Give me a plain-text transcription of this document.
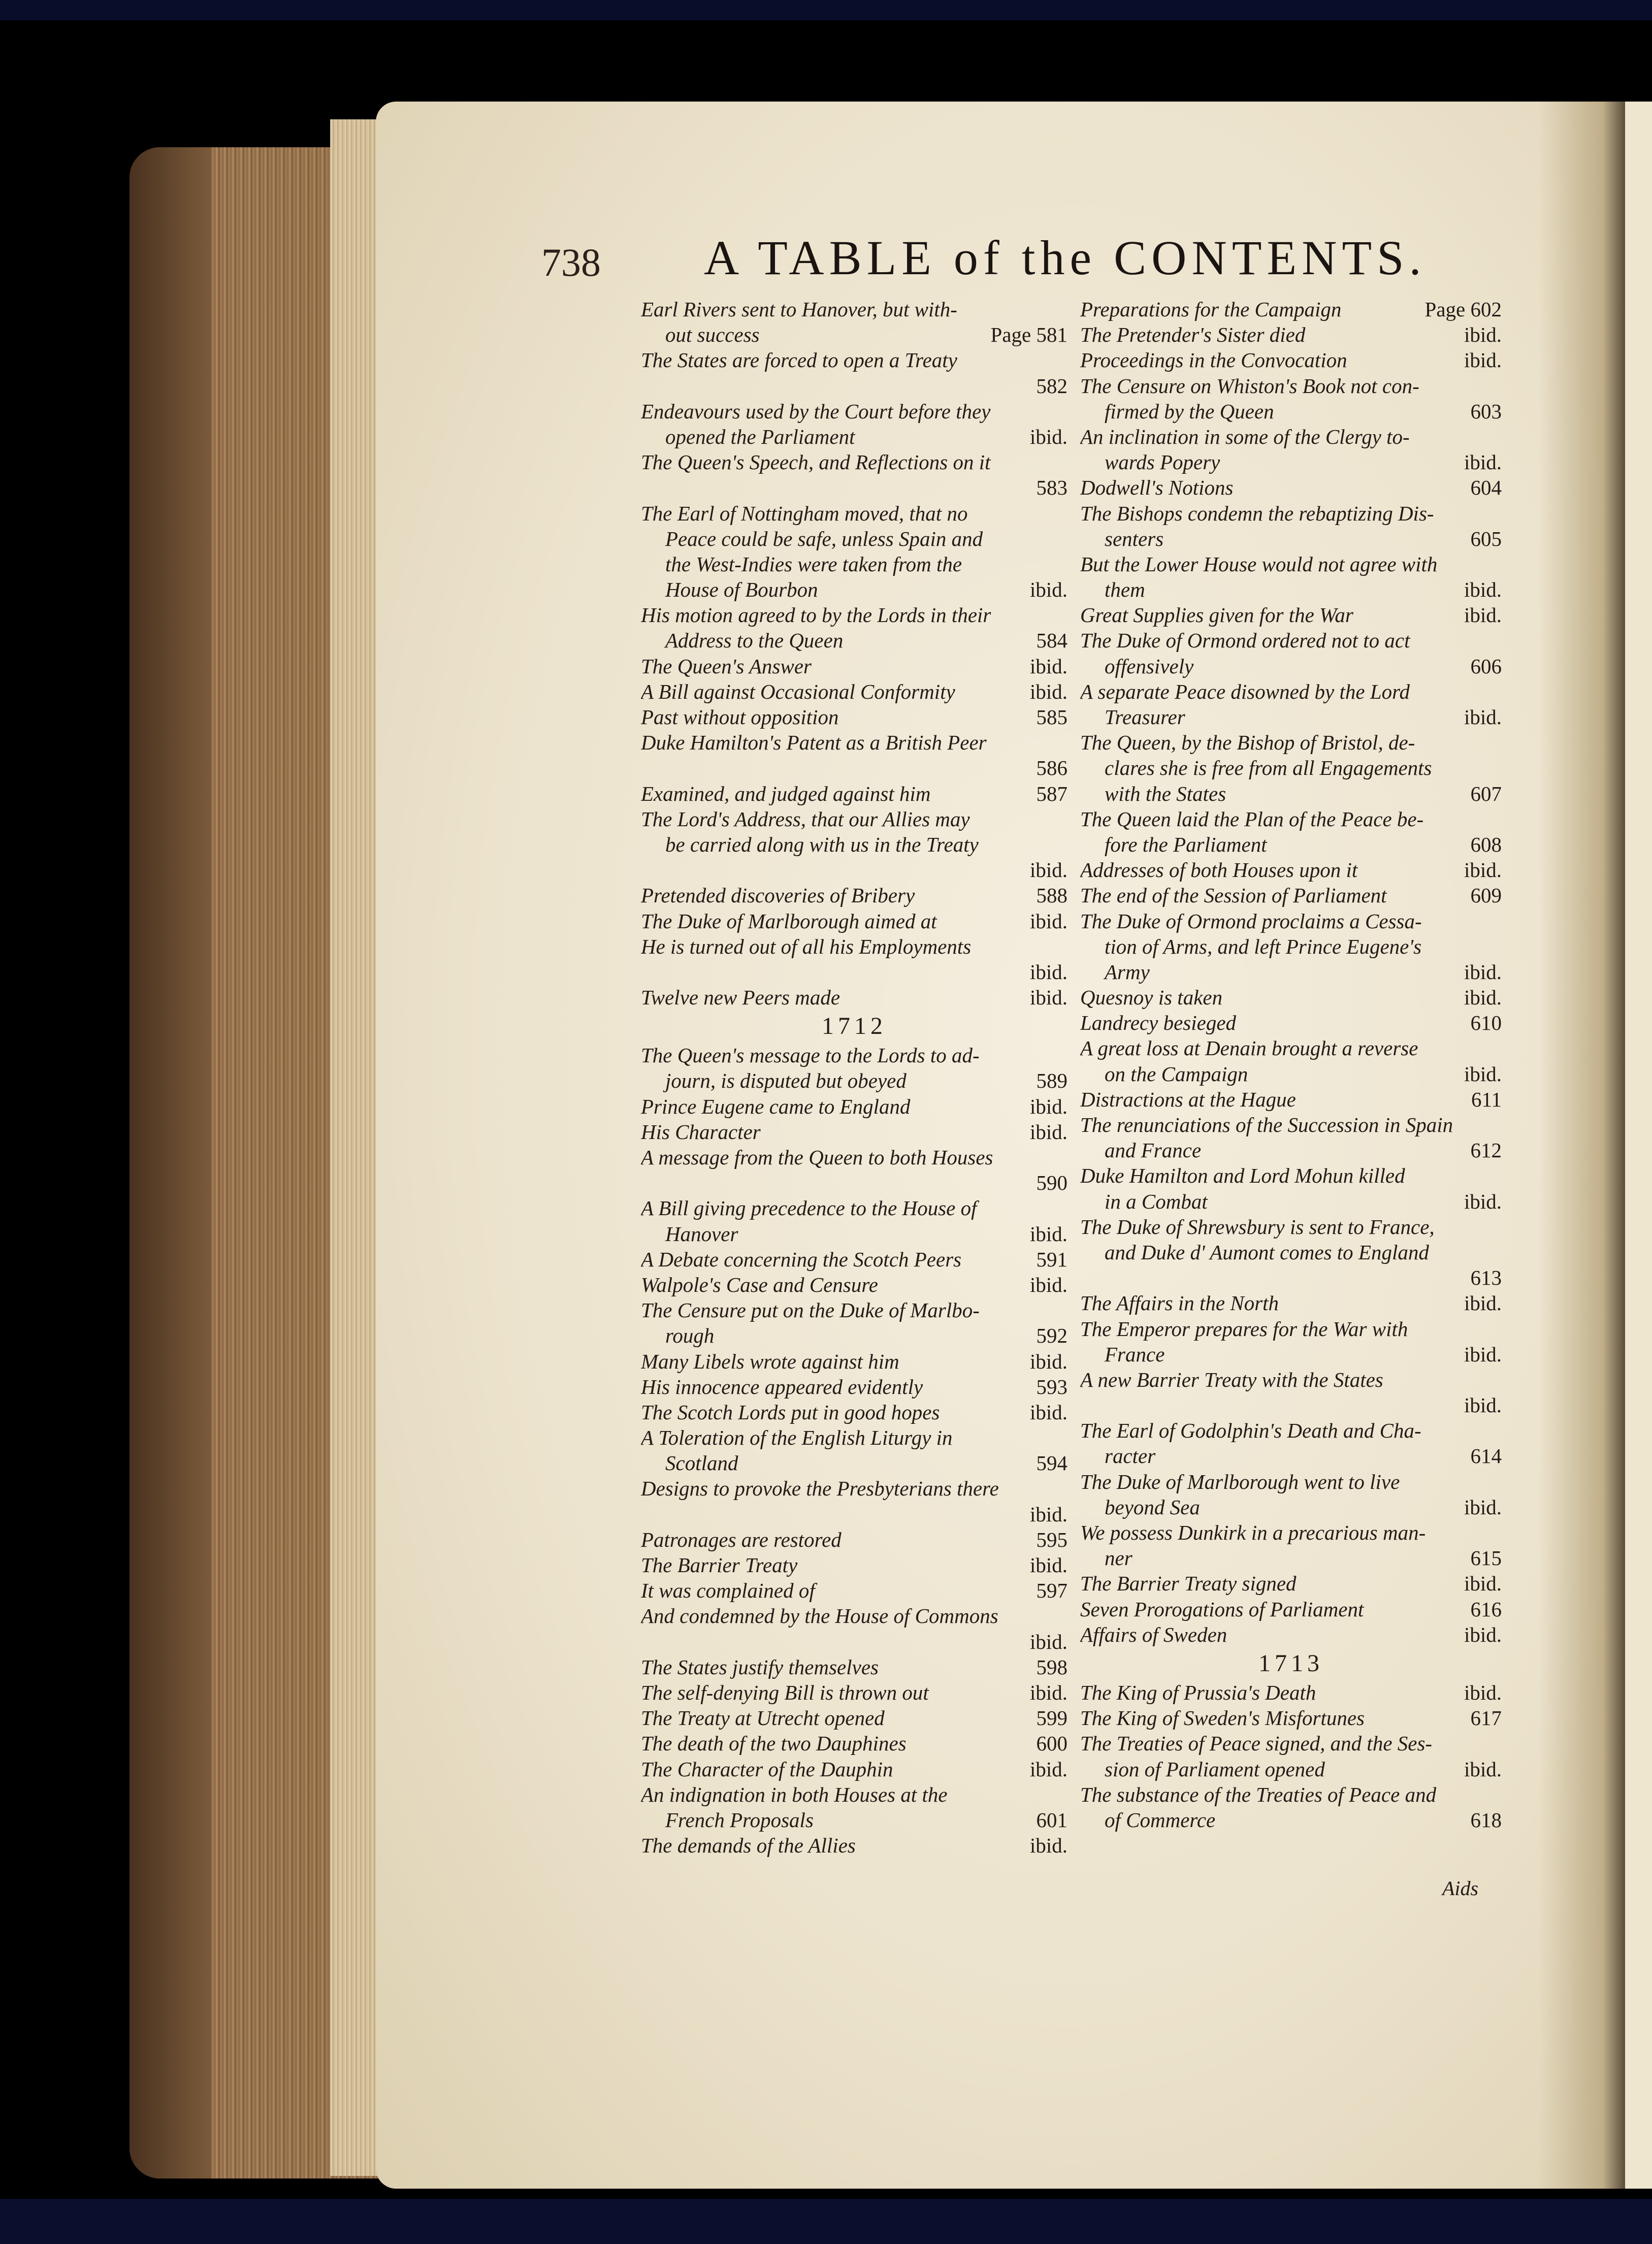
738 A TABLE of the CONTENTS.
Earl Rivers sent to Hanover, but with-
out success	Page 581
The States are forced to open a Treaty
582
Endeavours used by the Court before they
opened the Parliament	ibid.
The Queen's Speech, and Reflections on it
583
The Earl of Nottingham moved, that no
Peace could be safe, unless Spain and
the West-Indies were taken from the
House of Bourbon	ibid.
His motion agreed to by the Lords in their
Address to the Queen	584
The Queen's Answer	ibid.
A Bill against Occasional Conformity	ibid.
Past without opposition	585
Duke Hamilton's Patent as a British Peer
586
Examined, and judged against him	587
The Lord's Address, that our Allies may
be carried along with us in the Treaty
ibid.
Pretended discoveries of Bribery	588
The Duke of Marlborough aimed at	ibid.
He is turned out of all his Employments
ibid.
Twelve new Peers made	ibid.
1712
The Queen's message to the Lords to ad-
journ, is disputed but obeyed	589
Prince Eugene came to England	ibid.
His Character	ibid.
A message from the Queen to both Houses
590
A Bill giving precedence to the House of
Hanover	ibid.
A Debate concerning the Scotch Peers	591
Walpole's Case and Censure	ibid.
The Censure put on the Duke of Marlbo-
rough	592
Many Libels wrote against him	ibid.
His innocence appeared evidently	593
The Scotch Lords put in good hopes	ibid.
A Toleration of the English Liturgy in
Scotland	594
Designs to provoke the Presbyterians there
ibid.
Patronages are restored	595
The Barrier Treaty	ibid.
It was complained of	597
And condemned by the House of Commons
ibid.
The States justify themselves	598
The self-denying Bill is thrown out	ibid.
The Treaty at Utrecht opened	599
The death of the two Dauphines	600
The Character of the Dauphin	ibid.
An indignation in both Houses at the
French Proposals	601
The demands of the Allies	ibid.
Preparations for the Campaign	Page 602
The Pretender's Sister died	ibid.
Proceedings in the Convocation	ibid.
The Censure on Whiston's Book not con-
firmed by the Queen	603
An inclination in some of the Clergy to-
wards Popery	ibid.
Dodwell's Notions	604
The Bishops condemn the rebaptizing Dis-
senters	605
But the Lower House would not agree with
them	ibid.
Great Supplies given for the War	ibid.
The Duke of Ormond ordered not to act
offensively	606
A separate Peace disowned by the Lord
Treasurer	ibid.
The Queen, by the Bishop of Bristol, de-
clares she is free from all Engagements
with the States	607
The Queen laid the Plan of the Peace be-
fore the Parliament	608
Addresses of both Houses upon it	ibid.
The end of the Session of Parliament	609
The Duke of Ormond proclaims a Cessa-
tion of Arms, and left Prince Eugene's
Army	ibid.
Quesnoy is taken	ibid.
Landrecy besieged	610
A great loss at Denain brought a reverse
on the Campaign	ibid.
Distractions at the Hague	611
The renunciations of the Succession in Spain
and France	612
Duke Hamilton and Lord Mohun killed
in a Combat	ibid.
The Duke of Shrewsbury is sent to France,
and Duke d' Aumont comes to England
613
The Affairs in the North	ibid.
The Emperor prepares for the War with
France	ibid.
A new Barrier Treaty with the States
ibid.
The Earl of Godolphin's Death and Cha-
racter	614
The Duke of Marlborough went to live
beyond Sea	ibid.
We possess Dunkirk in a precarious man-
ner	615
The Barrier Treaty signed	ibid.
Seven Prorogations of Parliament	616
Affairs of Sweden	ibid.
1713
The King of Prussia's Death	ibid.
The King of Sweden's Misfortunes	617
The Treaties of Peace signed, and the Ses-
sion of Parliament opened	ibid.
The substance of the Treaties of Peace and
of Commerce	618
Aids
